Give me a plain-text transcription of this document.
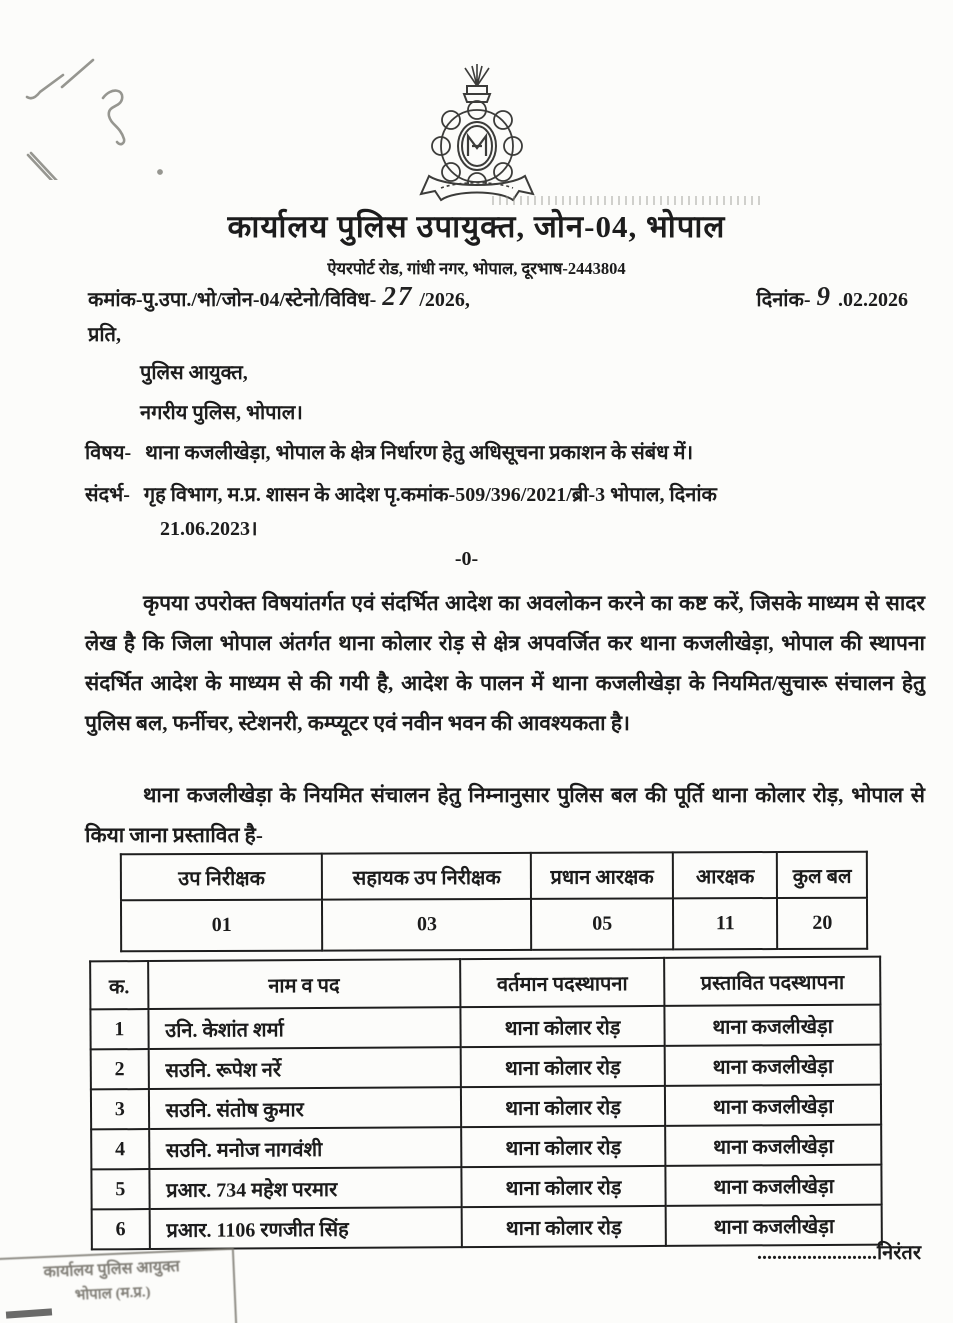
कार्यालय पुलिस उपायुक्त, जोन-04, भोपाल
ऐयरपोर्ट रोड, गांधी नगर, भोपाल, दूरभाष-2443804
कमांक-पु.उपा./भो/जोन-04/स्टेनो/विविध- 27 /2026,	दिनांक- 9 .02.2026
प्रति,
पुलिस आयुक्त,
नगरीय पुलिस, भोपाल।
विषय- थाना कजलीखेड़ा, भोपाल के क्षेत्र निर्धारण हेतु अधिसूचना प्रकाशन के संबंध में।
संदर्भ- गृह विभाग, म.प्र. शासन के आदेश पृ.कमांक-509/396/2021/ब्री-3 भोपाल, दिनांक
21.06.2023।
-0-
कृपया उपरोक्त विषयांतर्गत एवं संदर्भित आदेश का अवलोकन करने का कष्ट करें, जिसके माध्यम से सादर लेख है कि जिला भोपाल अंतर्गत थाना कोलार रोड़ से क्षेत्र अपवर्जित कर थाना कजलीखेड़ा, भोपाल की स्थापना संदर्भित आदेश के माध्यम से की गयी है, आदेश के पालन में थाना कजलीखेड़ा के नियमित/सुचारू संचालन हेतु पुलिस बल, फर्नीचर, स्टेशनरी, कम्प्यूटर एवं नवीन भवन की आवश्यकता है।
थाना कजलीखेड़ा के नियमित संचालन हेतु निम्नानुसार पुलिस बल की पूर्ति थाना कोलार रोड़, भोपाल से किया जाना प्रस्तावित है-
उप निरीक्षक	सहायक उप निरीक्षक	प्रधान आरक्षक	आरक्षक	कुल बल
01	03	05	11	20
क.	नाम व पद	वर्तमान पदस्थापना	प्रस्तावित पदस्थापना
1	उनि. केशांत शर्मा	थाना कोलार रोड़	थाना कजलीखेड़ा
2	सउनि. रूपेश नर्रे	थाना कोलार रोड़	थाना कजलीखेड़ा
3	सउनि. संतोष कुमार	थाना कोलार रोड़	थाना कजलीखेड़ा
4	सउनि. मनोज नागवंशी	थाना कोलार रोड़	थाना कजलीखेड़ा
5	प्रआर. 734 महेश परमार	थाना कोलार रोड़	थाना कजलीखेड़ा
6	प्रआर. 1106 रणजीत सिंह	थाना कोलार रोड़	थाना कजलीखेड़ा
........................निरंतर
कार्यालय पुलिस आयुक्त
भोपाल (म.प्र.)
